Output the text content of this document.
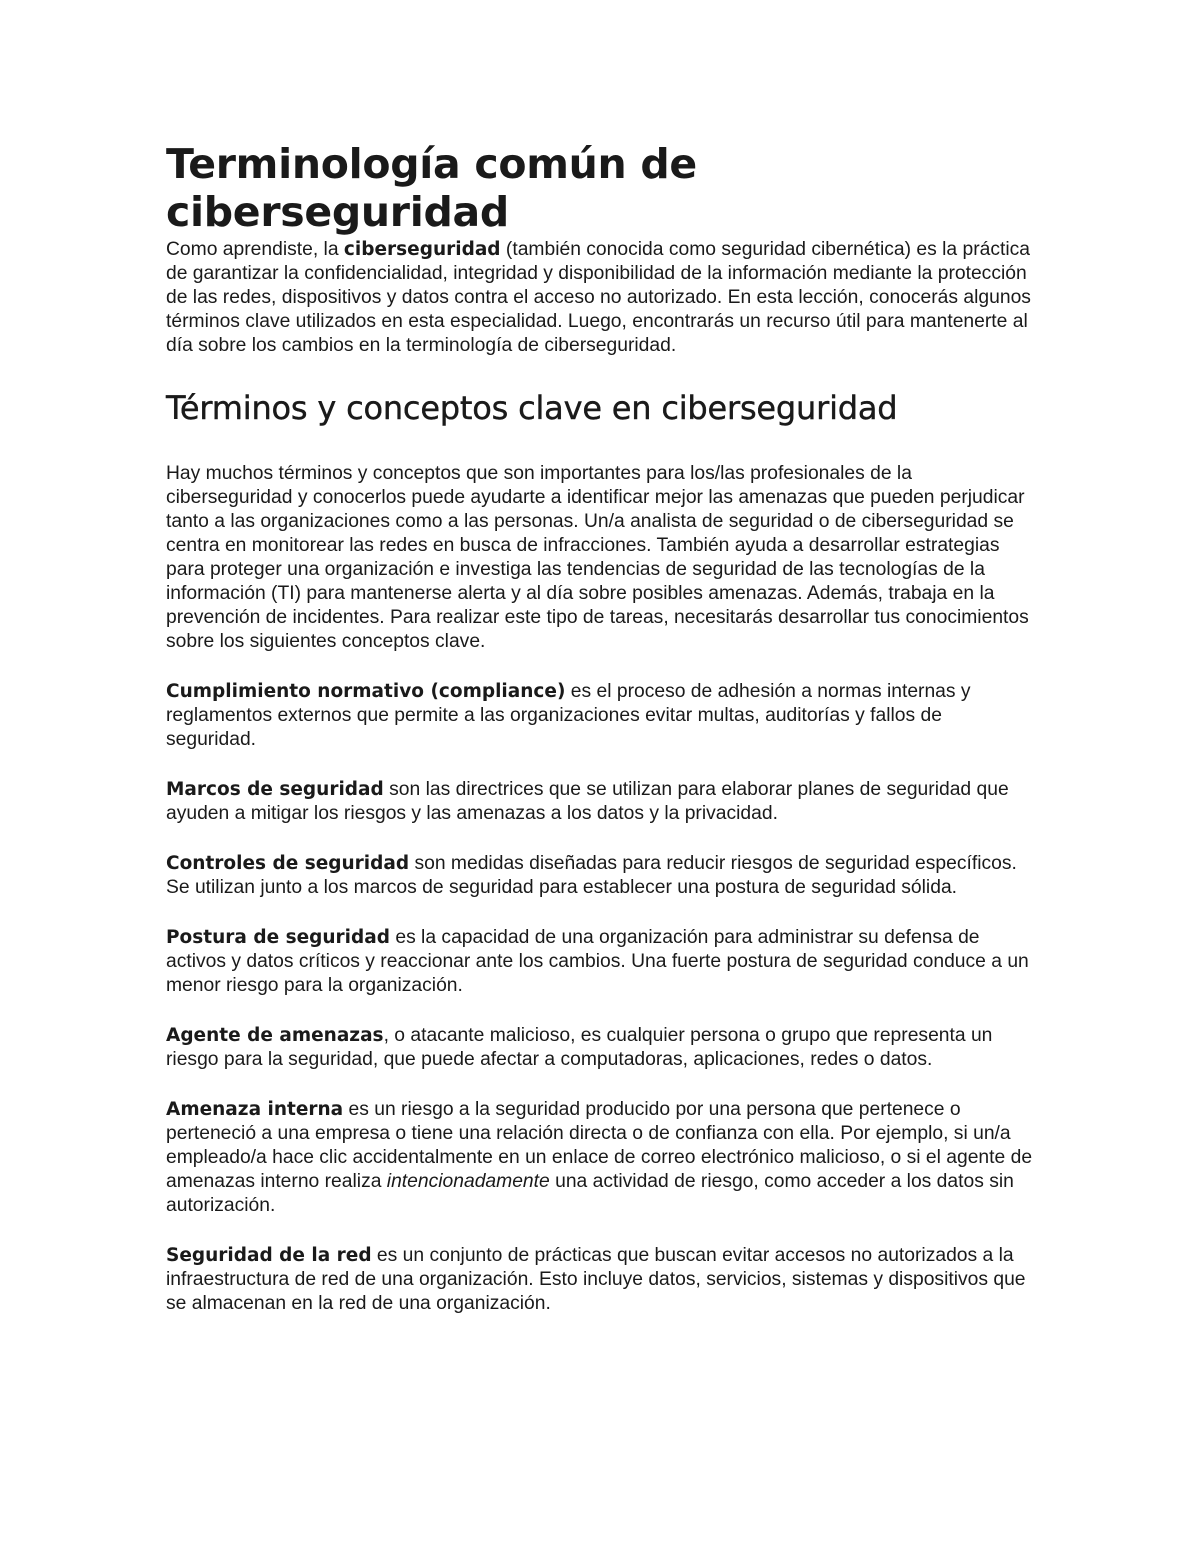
Terminología común de
ciberseguridad

Como aprendiste, la ciberseguridad (también conocida como seguridad cibernética) es la práctica de garantizar la confidencialidad, integridad y disponibilidad de la información mediante la protección de las redes, dispositivos y datos contra el acceso no autorizado. En esta lección, conocerás algunos términos clave utilizados en esta especialidad. Luego, encontrarás un recurso útil para mantenerte al día sobre los cambios en la terminología de ciberseguridad.

Términos y conceptos clave en ciberseguridad

Hay muchos términos y conceptos que son importantes para los/las profesionales de la ciberseguridad y conocerlos puede ayudarte a identificar mejor las amenazas que pueden perjudicar tanto a las organizaciones como a las personas. Un/a analista de seguridad o de ciberseguridad se centra en monitorear las redes en busca de infracciones. También ayuda a desarrollar estrategias para proteger una organización e investiga las tendencias de seguridad de las tecnologías de la información (TI) para mantenerse alerta y al día sobre posibles amenazas. Además, trabaja en la prevención de incidentes. Para realizar este tipo de tareas, necesitarás desarrollar tus conocimientos sobre los siguientes conceptos clave.

Cumplimiento normativo (compliance) es el proceso de adhesión a normas internas y reglamentos externos que permite a las organizaciones evitar multas, auditorías y fallos de seguridad.

Marcos de seguridad son las directrices que se utilizan para elaborar planes de seguridad que ayuden a mitigar los riesgos y las amenazas a los datos y la privacidad.

Controles de seguridad son medidas diseñadas para reducir riesgos de seguridad específicos. Se utilizan junto a los marcos de seguridad para establecer una postura de seguridad sólida.

Postura de seguridad es la capacidad de una organización para administrar su defensa de activos y datos críticos y reaccionar ante los cambios. Una fuerte postura de seguridad conduce a un menor riesgo para la organización.

Agente de amenazas, o atacante malicioso, es cualquier persona o grupo que representa un riesgo para la seguridad, que puede afectar a computadoras, aplicaciones, redes o datos.

Amenaza interna es un riesgo a la seguridad producido por una persona que pertenece o perteneció a una empresa o tiene una relación directa o de confianza con ella. Por ejemplo, si un/a empleado/a hace clic accidentalmente en un enlace de correo electrónico malicioso, o si el agente de amenazas interno realiza intencionadamente una actividad de riesgo, como acceder a los datos sin autorización.

Seguridad de la red es un conjunto de prácticas que buscan evitar accesos no autorizados a la infraestructura de red de una organización. Esto incluye datos, servicios, sistemas y dispositivos que se almacenan en la red de una organización.
